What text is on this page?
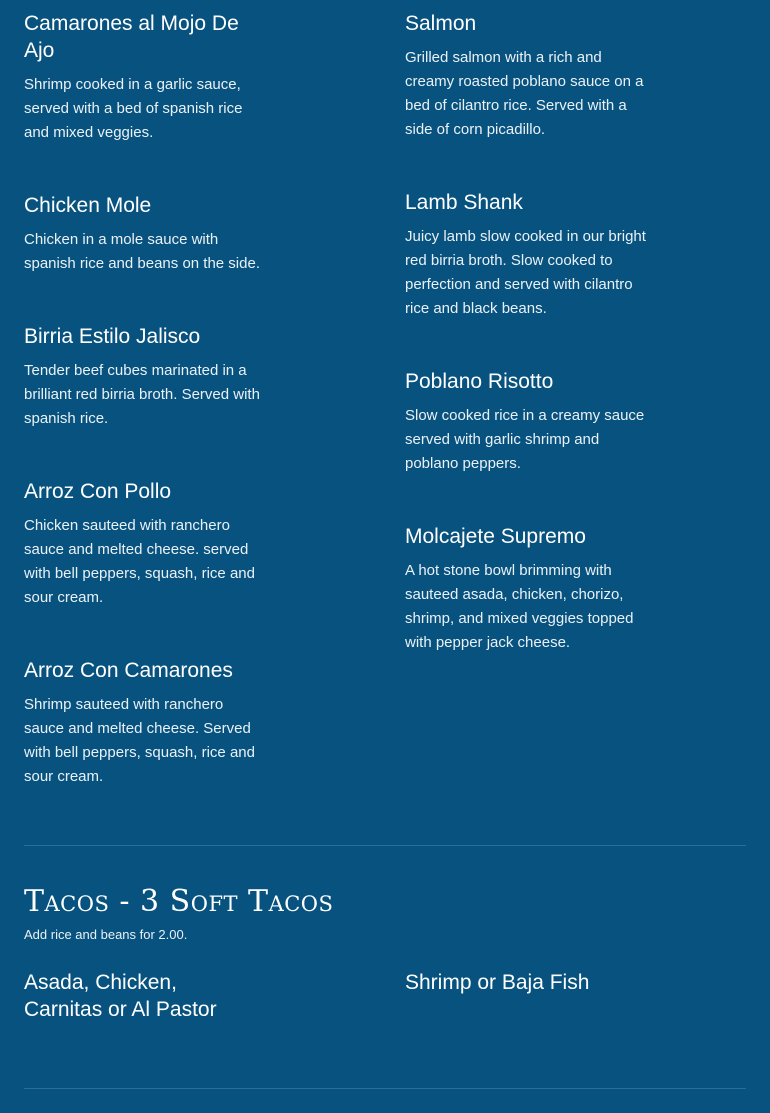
Camarones al Mojo De Ajo

Shrimp cooked in a garlic sauce, served with a bed of spanish rice and mixed veggies.

Chicken Mole

Chicken in a mole sauce with spanish rice and beans on the side.

Birria Estilo Jalisco

Tender beef cubes marinated in a brilliant red birria broth. Served with spanish rice.

Arroz Con Pollo

Chicken sauteed with ranchero sauce and melted cheese. served with bell peppers, squash, rice and sour cream.

Arroz Con Camarones

Shrimp sauteed with ranchero sauce and melted cheese. Served with bell peppers, squash, rice and sour cream.

Salmon

Grilled salmon with a rich and creamy roasted poblano sauce on a bed of cilantro rice. Served with a side of corn picadillo.

Lamb Shank

Juicy lamb slow cooked in our bright red birria broth. Slow cooked to perfection and served with cilantro rice and black beans.

Poblano Risotto

Slow cooked rice in a creamy sauce served with garlic shrimp and poblano peppers.

Molcajete Supremo

A hot stone bowl brimming with sauteed asada, chicken, chorizo, shrimp, and mixed veggies topped with pepper jack cheese.

Tacos - 3 Soft Tacos
Add rice and beans for 2.00.
Asada, Chicken,
Carnitas or Al Pastor
Shrimp or Baja Fish
